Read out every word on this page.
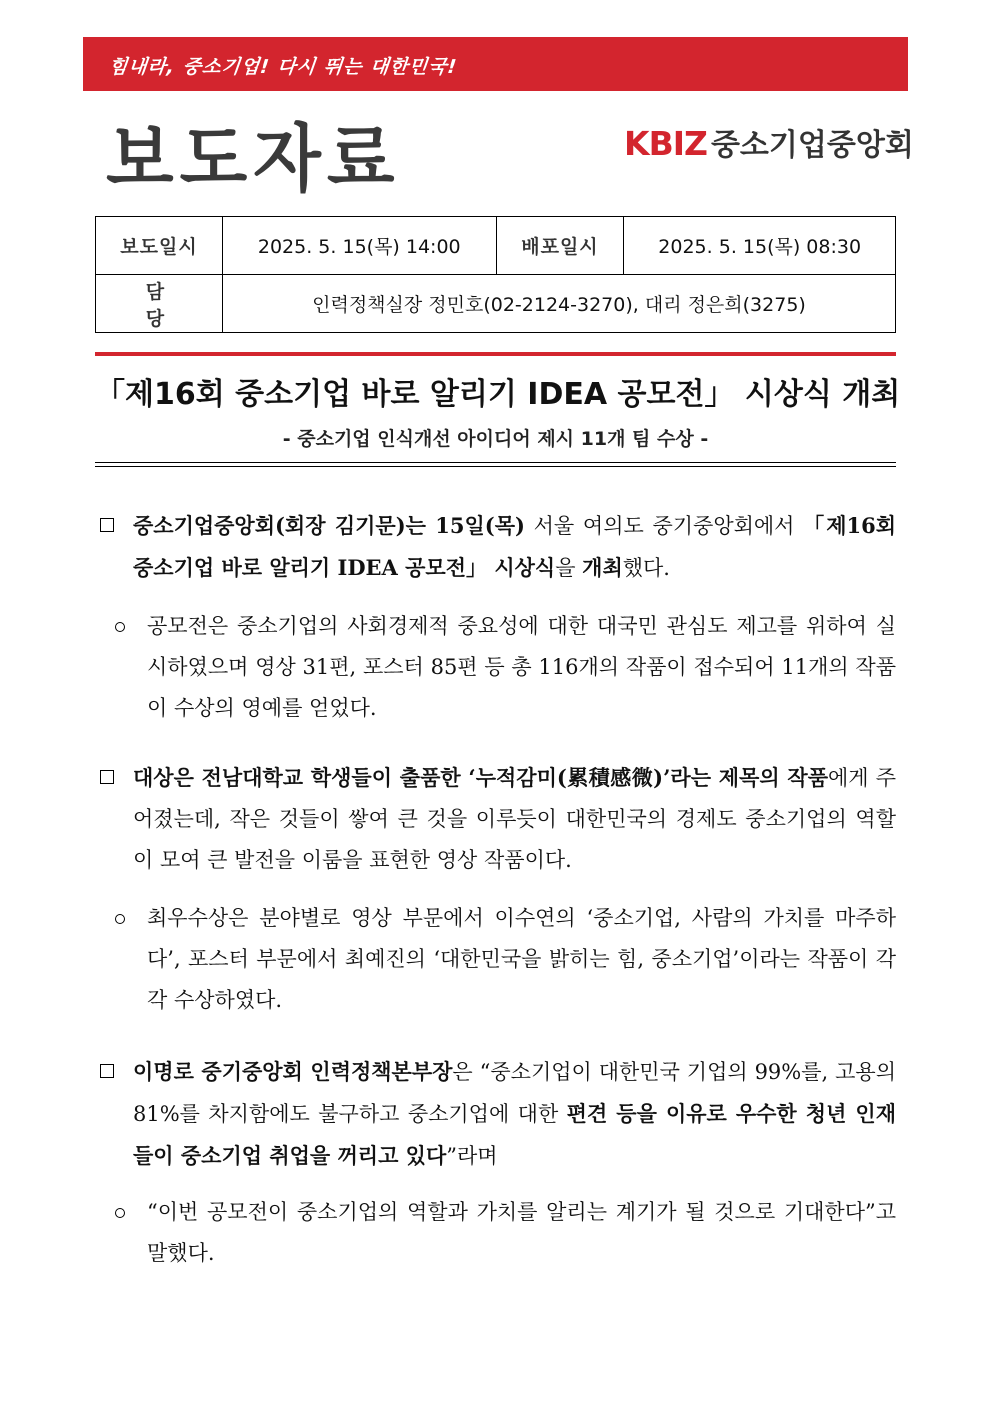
힘내라, 중소기업! 다시 뛰는 대한민국!
보도자료	KBIZ 중소기업중앙회
보도일시	2025. 5. 15(목) 14:00	배포일시	2025. 5. 15(목) 08:30
담 당	인력정책실장 정민호(02-2124-3270), 대리 정은희(3275)		
「제16회 중소기업 바로 알리기 IDEA 공모전」 시상식 개최
- 중소기업 인식개선 아이디어 제시 11개 팀 수상 -

중소기업중앙회(회장 김기문)는 15일(목) 서울 여의도 중기중앙회에서 「제16회 중소기업 바로 알리기 IDEA 공모전」 시상식을 개최했다.

공모전은 중소기업의 사회경제적 중요성에 대한 대국민 관심도 제고를 위하여 실시하였으며 영상 31편, 포스터 85편 등 총 116개의 작품이 접수되어 11개의 작품이 수상의 영예를 얻었다.

대상은 전남대학교 학생들이 출품한 ‘누적감미(累積感微)’라는 제목의 작품에게 주어졌는데, 작은 것들이 쌓여 큰 것을 이루듯이 대한민국의 경제도 중소기업의 역할이 모여 큰 발전을 이룸을 표현한 영상 작품이다.

최우수상은 분야별로 영상 부문에서 이수연의 ‘중소기업, 사람의 가치를 마주하다’, 포스터 부문에서 최예진의 ‘대한민국을 밝히는 힘, 중소기업’이라는 작품이 각각 수상하였다.

이명로 중기중앙회 인력정책본부장은 “중소기업이 대한민국 기업의 99%를, 고용의 81%를 차지함에도 불구하고 중소기업에 대한 편견 등을 이유로 우수한 청년 인재들이 중소기업 취업을 꺼리고 있다”라며

“이번 공모전이 중소기업의 역할과 가치를 알리는 계기가 될 것으로 기대한다”고 말했다.
